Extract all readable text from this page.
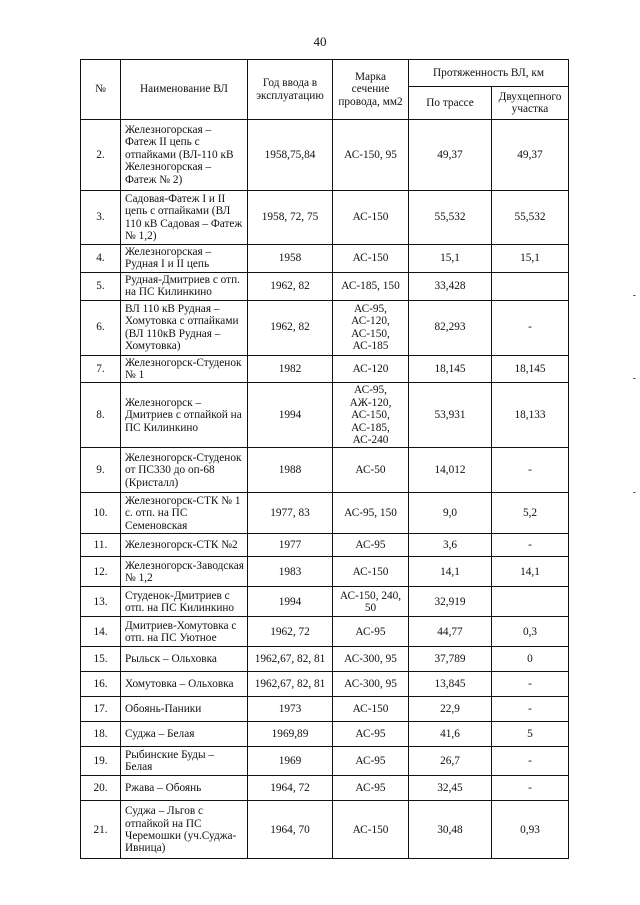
40
№	Наименование ВЛ	Год ввода в эксплуатацию	Марка сечение провода, мм2	Протяженность ВЛ, км	
				По трассе	Двухцепного участка
2.	Железногорская – Фатеж II цепь с отпайками (ВЛ-110 кВ Железногорская – Фатеж № 2)	1958,75,84	АС-150, 95	49,37	49,37
3.	Садовая-Фатеж I и II цепь с отпайками (ВЛ 110 кВ Садовая – Фатеж № 1,2)	1958, 72, 75	АС-150	55,532	55,532
4.	Железногорская – Рудная I и II цепь	1958	АС-150	15,1	15,1
5.	Рудная-Дмитриев с отп. на ПС Килинкино	1962, 82	АС-185, 150	33,428	
6.	ВЛ 110 кВ Рудная – Хомутовка с отпайками (ВЛ 110кВ Рудная – Хомутовка)	1962, 82	АС-95, АС-120, АС-150, АС-185	82,293	-
7.	Железногорск-Студенок № 1	1982	АС-120	18,145	18,145
8.	Железногорск – Дмитриев с отпайкой на ПС Килинкино	1994	АС-95, АЖ-120, АС-150, АС-185, АС-240	53,931	18,133
9.	Железногорск-Студенок от ПС330 до оп-68 (Кристалл)	1988	АС-50	14,012	-
10.	Железногорск-СТК № 1 с. отп. на ПС Семеновская	1977, 83	АС-95, 150	9,0	5,2
11.	Железногорск-СТК №2	1977	АС-95	3,6	-
12.	Железногорск-Заводская № 1,2	1983	АС-150	14,1	14,1
13.	Студенок-Дмитриев с отп. на ПС Килинкино	1994	АС-150, 240, 50	32,919	
14.	Дмитриев-Хомутовка с отп. на ПС Уютное	1962, 72	АС-95	44,77	0,3
15.	Рыльск – Ольховка	1962,67, 82, 81	АС-300, 95	37,789	0
16.	Хомутовка – Ольховка	1962,67, 82, 81	АС-300, 95	13,845	-
17.	Обоянь-Паники	1973	АС-150	22,9	-
18.	Суджа – Белая	1969,89	АС-95	41,6	5
19.	Рыбинские Буды – Белая	1969	АС-95	26,7	-
20.	Ржава – Обоянь	1964, 72	АС-95	32,45	-
21.	Суджа – Льгов с отпайкой на ПС Черемошки (уч.Суджа-Ивница)	1964, 70	АС-150	30,48	0,93
-
-
-
